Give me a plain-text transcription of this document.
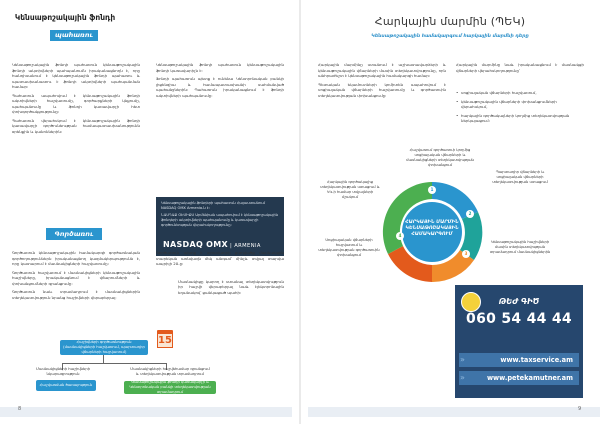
Կենսաթոշակային ֆոնդի
պահառու

Կենսաթոշակային ֆոնդի պահառուն կենսաթոշակային ֆոնդի ակտիվների պահպանումն իրականացնողն է, որը հանդիսանում է կենսաթոշակային ֆոնդի պահառու և պատասխանատու է ֆոնդի ակտիվների պահպանման համար:

Պահառուն ապահովում է կենսաթոշակային ֆոնդի ակտիվների հաշվառումը, գործարքների կնքումը, պահպանումը և ֆոնդի կառավարչի հետ փոխգործակցությունը:

Պահառուն վերահսկում է կենսաթոշակային ֆոնդի կառավարչի գործունեության համապատասխանությունն օրենքին և կանոններին:

Կենսաթոշակային ֆոնդի պահառուն կենսաթոշակային ֆոնդի կառավարիչն է:

Ֆոնդի պահառուն պետք է ունենա Կենտրոնական բանկի լիցենզիա և համապատասխանի սահմանված պահանջներին: Պահառուն իրականացնում է ֆոնդի ակտիվների պահպանումը:

Կենսաթոշակային ֆոնդերի պահառուն Հայաստանում NASDAQ OMX Armenia-ն է:
ՆԱՍԴԱՔ ՕԷՄԻՔՍ Արմենիան ապահովում է կենսաթոշակային ֆոնդերի ակտիվների պահպանումը և կառավարչի գործունեության վերահսկողությունը:
NASDAQ OMX | ARMENIA
Գործառու

Գործառուն կենսաթոշակային համակարգի գործառնական գործողություններն իրականացնող կազմակերպությունն է, որը կատարում է մասնակիցների հաշվառումը:

Գործառուն հաշվառում է մասնակիցների կենսաթոշակային հաշիվները, իրականացնում է վճարումների և փոխանցումների գրանցումը:

Գործառուն նաև տրամադրում է մասնակիցներին տեղեկատվություն նրանց հաշիվների վերաբերյալ:

Գործառուն պետք է տրամադրի քաղվածք մասնակցին տարեկան առնվազն մեկ անգամ՝ մինչև տվյալ տարվա ապրիլի 20-ը:

Մասնակիցը կարող է ստանալ տեղեկատվություն իր հաշվի վերաբերյալ նաև էլեկտրոնային եղանակով՝ ցանկացած պահի:

15
Հաշիվների գործառնություն (մասնակիցների հաշվառում, պարտադիր վճարների հաշվառում)
Մասնակիցների հաշիվների նկարագրություն
Հաշվառման ծառայություն
Մասնակիցների հաշվեհամար գրանցում և տեղեկատվության տրամադրում
Կենսաթոշակային ֆոնդի կառավարչի և Կենտրոնական բանկի տեղեկատվության տրամադրում
8
Հարկային մարմին (ՊԵԿ)
Կենսաթոշակային համակարգում հարկային մարմնի դերը

Հարկային մարմինը ստանում է աշխատավարձերի և կենսաթոշակային վճարների մասին տեղեկատվությունը, որն անհրաժեշտ է կենսաթոշակային համակարգի համար:

Պետական եկամուտների կոմիտեն ապահովում է սոցիալական վճարների հաշվառումը և գործառուին տեղեկատվության փոխանցումը:

Հարկային մարմինը նաև իրականացնում է մասնակցի վճարների վերահսկողությունը՝

• սոցիալական վճարների հաշվառում,
• կենսաթոշակային վճարների փոխանցումների վերահսկում,
• հարկային գործակալների կողմից տեղեկատվության ներկայացում:
1
2
3
4
ՀԱՐԿԱՅԻՆ ՄԱՐՄԻՆ ԿԵՆՍԱԹՈՇԱԿԱՅԻՆ ՀԱՄԱԿԱՐԳՈՒՄ
Հաշվառում գործառուի կողմից սոցիալական վճարների և մասնակիցների տեղեկատվության փոխանցում
Հարկային գործակալից տեղեկատվության ստացում և ԿԿ-ի համար տվյալների մշակում
Պարտադիր վճարների և սոցիալական վճարների տեղեկատվության ստացում
Սոցիալական վճարների հաշվառում և տեղեկատվության գործառուին փոխանցում
Կենսաթոշակային հաշիվների մասին տեղեկատվության տրամադրում մասնակիցներին
ԹԵԺ ԳԻԾ
060 54 44 44
www.taxservice.am
»
www.petekamutner.am
»
9
